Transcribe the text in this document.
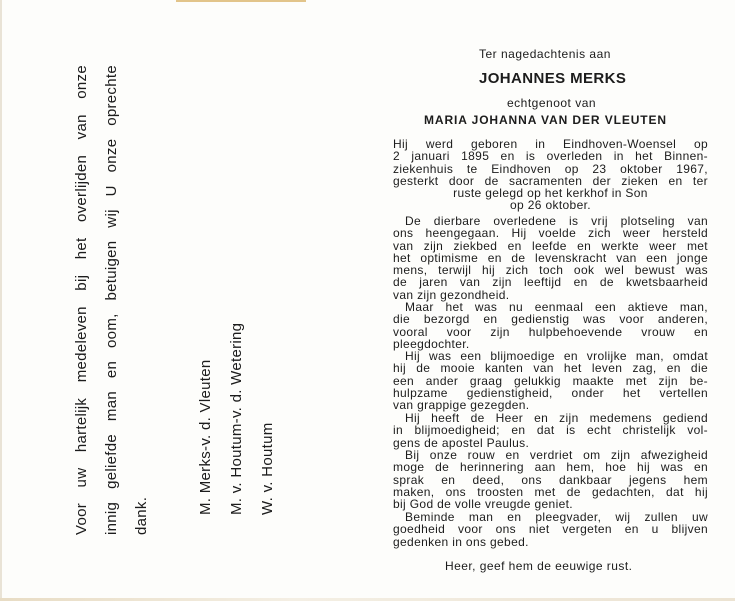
Voor uw hartelijk medeleven bij het overlijden van onze innig geliefde man en oom, betuigen wij U onze oprechte dank.
M. Merks-v. d. Vleuten M. v. Houtum-v. d. Wetering W. v. Houtum
Ter nagedachtenis aan
JOHANNES MERKS
echtgenoot van
MARIA JOHANNA VAN DER VLEUTEN
Hij werd geboren in Eindhoven-Woensel op
2 januari 1895 en is overleden in het Binnen-
ziekenhuis te Eindhoven op 23 oktober 1967,
gesterkt door de sacramenten der zieken en ter
ruste gelegd op het kerkhof in Son
op 26 oktober.
De dierbare overledene is vrij plotseling van
ons heengegaan. Hij voelde zich weer hersteld
van zijn ziekbed en leefde en werkte weer met
het optimisme en de levenskracht van een jonge
mens, terwijl hij zich toch ook wel bewust was
de jaren van zijn leeftijd en de kwetsbaarheid
van zijn gezondheid.
Maar het was nu eenmaal een aktieve man,
die bezorgd en gedienstig was voor anderen,
vooral voor zijn hulpbehoevende vrouw en
pleegdochter.
Hij was een blijmoedige en vrolijke man, omdat
hij de mooie kanten van het leven zag, en die
een ander graag gelukkig maakte met zijn be-
hulpzame gedienstigheid, onder het vertellen
van grappige gezegden.
Hij heeft de Heer en zijn medemens gediend
in blijmoedigheid; en dat is echt christelijk vol-
gens de apostel Paulus.
Bij onze rouw en verdriet om zijn afwezigheid
moge de herinnering aan hem, hoe hij was en
sprak en deed, ons dankbaar jegens hem
maken, ons troosten met de gedachten, dat hij
bij God de volle vreugde geniet.
Beminde man en pleegvader, wij zullen uw
goedheid voor ons niet vergeten en u blijven
gedenken in ons gebed.
Heer, geef hem de eeuwige rust.
